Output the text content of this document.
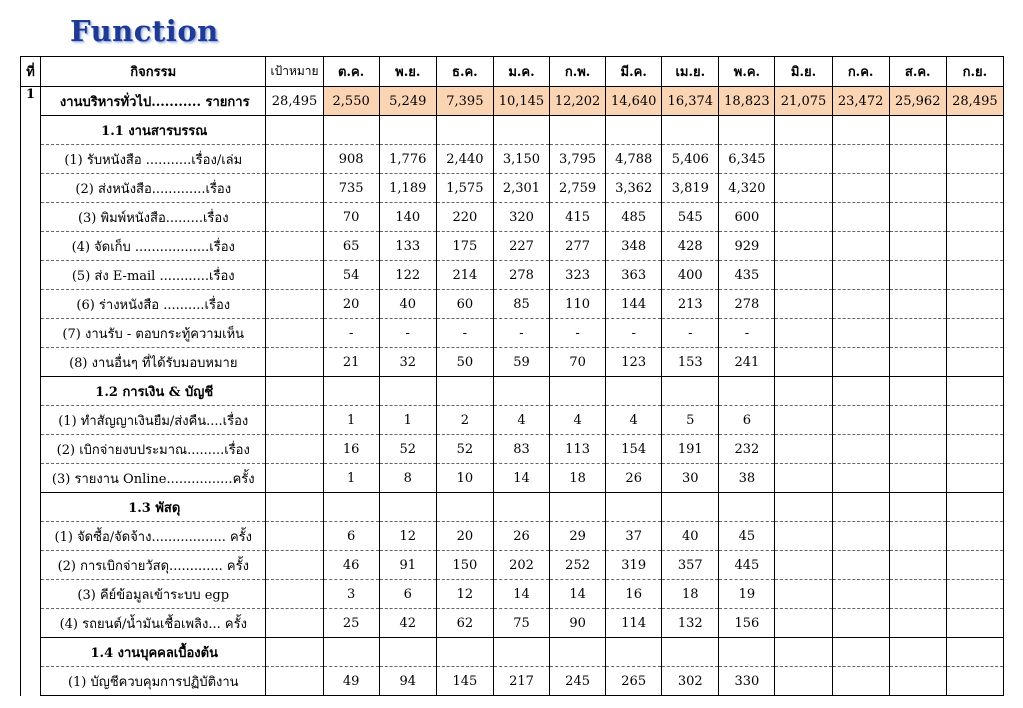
Function
ที่	กิจกรรม	เป้าหมาย	ต.ค.	พ.ย.	ธ.ค.	ม.ค.	ก.พ.	มี.ค.	เม.ย.	พ.ค.	มิ.ย.	ก.ค.	ส.ค.	ก.ย.
1	งานบริหารทั่วไป........... รายการ	28,495	2,550	5,249	7,395	10,145	12,202	14,640	16,374	18,823	21,075	23,472	25,962	28,495
	1.1 งานสารบรรณ													
	(1) รับหนังสือ ...........เรื่อง/เล่ม		908	1,776	2,440	3,150	3,795	4,788	5,406	6,345				
	(2) ส่งหนังสือ.............เรื่อง		735	1,189	1,575	2,301	2,759	3,362	3,819	4,320				
	(3) พิมพ์หนังสือ.........เรื่อง		70	140	220	320	415	485	545	600				
	(4) จัดเก็บ ..................เรื่อง		65	133	175	227	277	348	428	929				
	(5) ส่ง E-mail ............เรื่อง		54	122	214	278	323	363	400	435				
	(6) ร่างหนังสือ ..........เรื่อง		20	40	60	85	110	144	213	278				
	(7) งานรับ - ตอบกระทู้ความเห็น		-	-	-	-	-	-	-	-				
	(8) งานอื่นๆ ที่ได้รับมอบหมาย		21	32	50	59	70	123	153	241				
	1.2 การเงิน & บัญชี													
	(1) ทำสัญญาเงินยืม/ส่งคืน....เรื่อง		1	1	2	4	4	4	5	6				
	(2) เบิกจ่ายงบประมาณ.........เรื่อง		16	52	52	83	113	154	191	232				
	(3) รายงาน Online................ครั้ง		1	8	10	14	18	26	30	38				
	1.3 พัสดุ													
	(1) จัดซื้อ/จัดจ้าง.................. ครั้ง		6	12	20	26	29	37	40	45				
	(2) การเบิกจ่ายวัสดุ............. ครั้ง		46	91	150	202	252	319	357	445				
	(3) คีย์ข้อมูลเข้าระบบ egp		3	6	12	14	14	16	18	19				
	(4) รถยนต์/น้ำมันเชื้อเพลิง... ครั้ง		25	42	62	75	90	114	132	156				
	1.4 งานบุคคลเบื้องต้น													
	(1) บัญชีควบคุมการปฏิบัติงาน		49	94	145	217	245	265	302	330				
